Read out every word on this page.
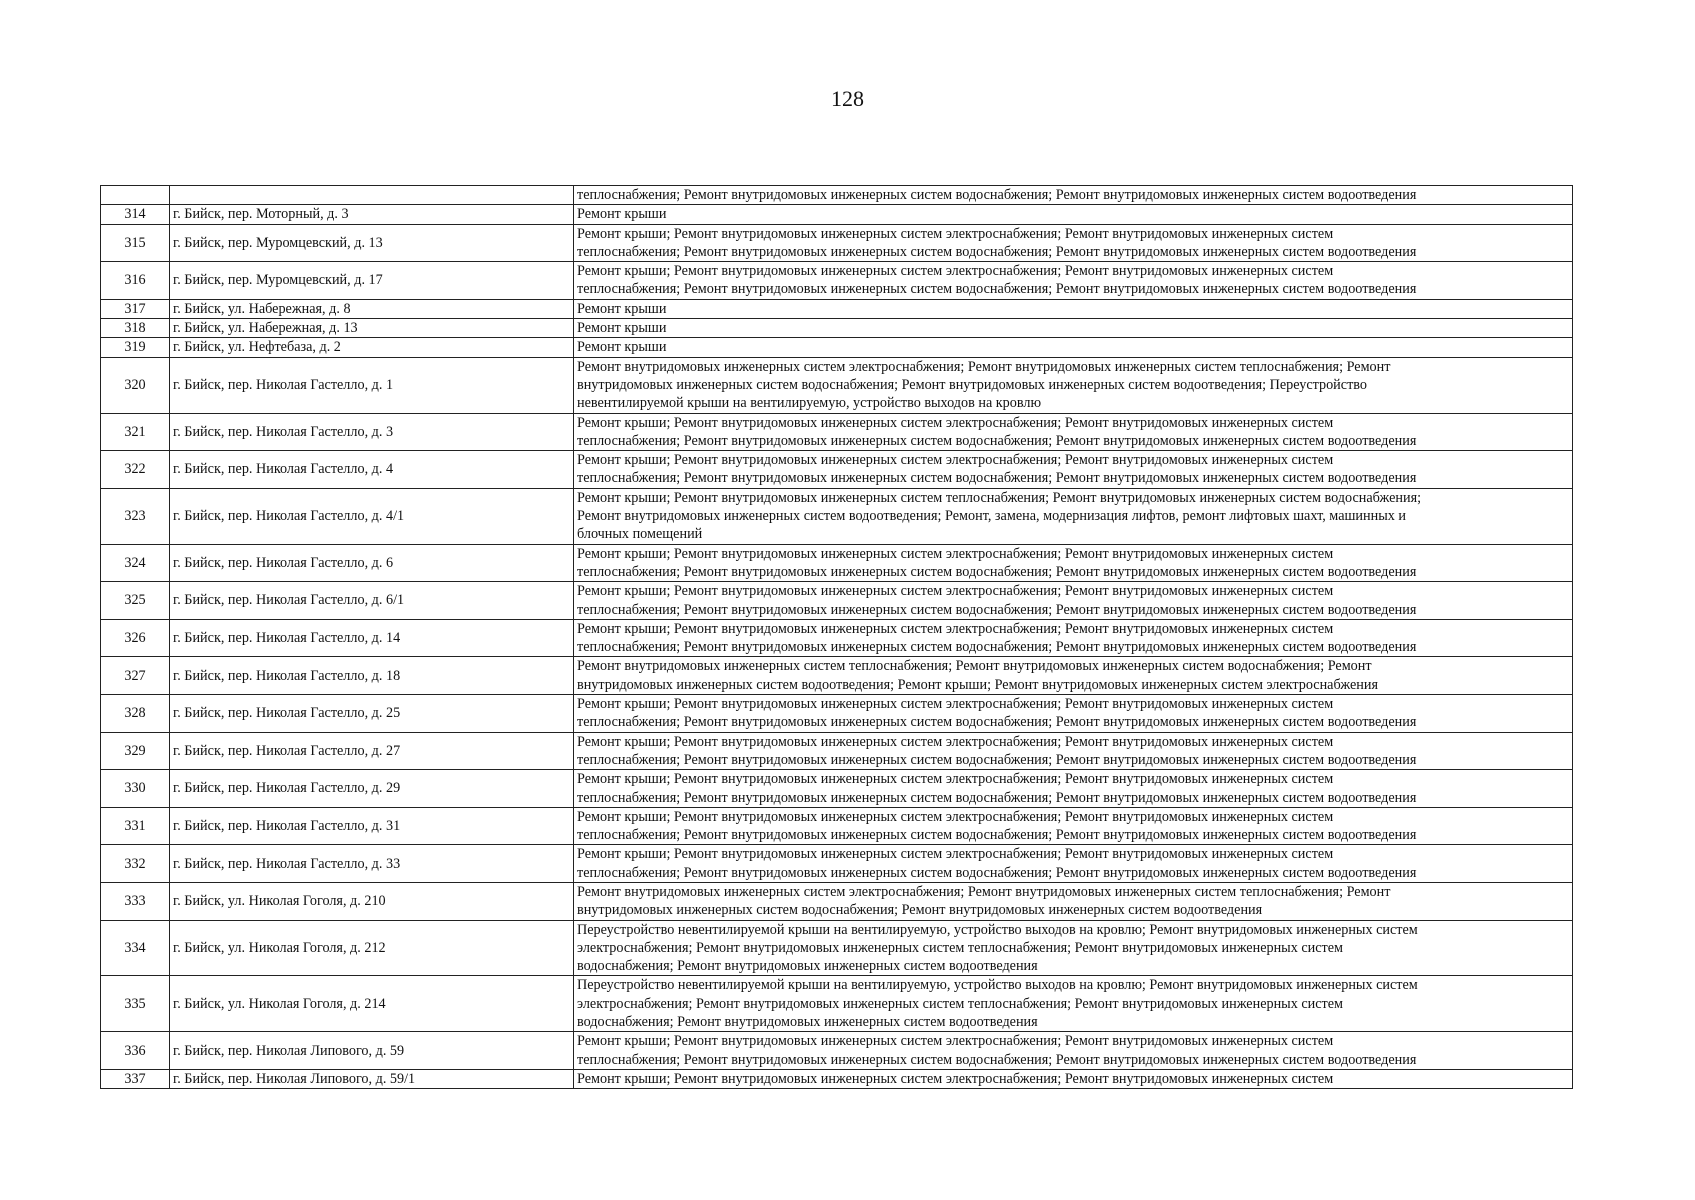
128

		теплоснабжения; Ремонт внутридомовых инженерных систем водоснабжения; Ремонт внутридомовых инженерных систем водоотведения

314	г. Бийск, пер. Моторный, д. 3	Ремонт крыши

315	г. Бийск, пер. Муромцевский, д. 13	Ремонт крыши; Ремонт внутридомовых инженерных систем электроснабжения; Ремонт внутридомовых инженерных систем
теплоснабжения; Ремонт внутридомовых инженерных систем водоснабжения; Ремонт внутридомовых инженерных систем водоотведения

316	г. Бийск, пер. Муромцевский, д. 17	Ремонт крыши; Ремонт внутридомовых инженерных систем электроснабжения; Ремонт внутридомовых инженерных систем
теплоснабжения; Ремонт внутридомовых инженерных систем водоснабжения; Ремонт внутридомовых инженерных систем водоотведения

317	г. Бийск, ул. Набережная, д. 8	Ремонт крыши

318	г. Бийск, ул. Набережная, д. 13	Ремонт крыши

319	г. Бийск, ул. Нефтебаза, д. 2	Ремонт крыши

320	г. Бийск, пер. Николая Гастелло, д. 1	Ремонт внутридомовых инженерных систем электроснабжения; Ремонт внутридомовых инженерных систем теплоснабжения; Ремонт
внутридомовых инженерных систем водоснабжения; Ремонт внутридомовых инженерных систем водоотведения; Переустройство
невентилируемой крыши на вентилируемую, устройство выходов на кровлю

321	г. Бийск, пер. Николая Гастелло, д. 3	Ремонт крыши; Ремонт внутридомовых инженерных систем электроснабжения; Ремонт внутридомовых инженерных систем
теплоснабжения; Ремонт внутридомовых инженерных систем водоснабжения; Ремонт внутридомовых инженерных систем водоотведения

322	г. Бийск, пер. Николая Гастелло, д. 4	Ремонт крыши; Ремонт внутридомовых инженерных систем электроснабжения; Ремонт внутридомовых инженерных систем
теплоснабжения; Ремонт внутридомовых инженерных систем водоснабжения; Ремонт внутридомовых инженерных систем водоотведения

323	г. Бийск, пер. Николая Гастелло, д. 4/1	Ремонт крыши; Ремонт внутридомовых инженерных систем теплоснабжения; Ремонт внутридомовых инженерных систем водоснабжения;
Ремонт внутридомовых инженерных систем водоотведения; Ремонт, замена, модернизация лифтов, ремонт лифтовых шахт, машинных и
блочных помещений

324	г. Бийск, пер. Николая Гастелло, д. 6	Ремонт крыши; Ремонт внутридомовых инженерных систем электроснабжения; Ремонт внутридомовых инженерных систем
теплоснабжения; Ремонт внутридомовых инженерных систем водоснабжения; Ремонт внутридомовых инженерных систем водоотведения

325	г. Бийск, пер. Николая Гастелло, д. 6/1	Ремонт крыши; Ремонт внутридомовых инженерных систем электроснабжения; Ремонт внутридомовых инженерных систем
теплоснабжения; Ремонт внутридомовых инженерных систем водоснабжения; Ремонт внутридомовых инженерных систем водоотведения

326	г. Бийск, пер. Николая Гастелло, д. 14	Ремонт крыши; Ремонт внутридомовых инженерных систем электроснабжения; Ремонт внутридомовых инженерных систем
теплоснабжения; Ремонт внутридомовых инженерных систем водоснабжения; Ремонт внутридомовых инженерных систем водоотведения

327	г. Бийск, пер. Николая Гастелло, д. 18	Ремонт внутридомовых инженерных систем теплоснабжения; Ремонт внутридомовых инженерных систем водоснабжения; Ремонт
внутридомовых инженерных систем водоотведения; Ремонт крыши; Ремонт внутридомовых инженерных систем электроснабжения

328	г. Бийск, пер. Николая Гастелло, д. 25	Ремонт крыши; Ремонт внутридомовых инженерных систем электроснабжения; Ремонт внутридомовых инженерных систем
теплоснабжения; Ремонт внутридомовых инженерных систем водоснабжения; Ремонт внутридомовых инженерных систем водоотведения

329	г. Бийск, пер. Николая Гастелло, д. 27	Ремонт крыши; Ремонт внутридомовых инженерных систем электроснабжения; Ремонт внутридомовых инженерных систем
теплоснабжения; Ремонт внутридомовых инженерных систем водоснабжения; Ремонт внутридомовых инженерных систем водоотведения

330	г. Бийск, пер. Николая Гастелло, д. 29	Ремонт крыши; Ремонт внутридомовых инженерных систем электроснабжения; Ремонт внутридомовых инженерных систем
теплоснабжения; Ремонт внутридомовых инженерных систем водоснабжения; Ремонт внутридомовых инженерных систем водоотведения

331	г. Бийск, пер. Николая Гастелло, д. 31	Ремонт крыши; Ремонт внутридомовых инженерных систем электроснабжения; Ремонт внутридомовых инженерных систем
теплоснабжения; Ремонт внутридомовых инженерных систем водоснабжения; Ремонт внутридомовых инженерных систем водоотведения

332	г. Бийск, пер. Николая Гастелло, д. 33	Ремонт крыши; Ремонт внутридомовых инженерных систем электроснабжения; Ремонт внутридомовых инженерных систем
теплоснабжения; Ремонт внутридомовых инженерных систем водоснабжения; Ремонт внутридомовых инженерных систем водоотведения

333	г. Бийск, ул. Николая Гоголя, д. 210	Ремонт внутридомовых инженерных систем электроснабжения; Ремонт внутридомовых инженерных систем теплоснабжения; Ремонт
внутридомовых инженерных систем водоснабжения; Ремонт внутридомовых инженерных систем водоотведения

334	г. Бийск, ул. Николая Гоголя, д. 212	Переустройство невентилируемой крыши на вентилируемую, устройство выходов на кровлю; Ремонт внутридомовых инженерных систем
электроснабжения; Ремонт внутридомовых инженерных систем теплоснабжения; Ремонт внутридомовых инженерных систем
водоснабжения; Ремонт внутридомовых инженерных систем водоотведения

335	г. Бийск, ул. Николая Гоголя, д. 214	Переустройство невентилируемой крыши на вентилируемую, устройство выходов на кровлю; Ремонт внутридомовых инженерных систем
электроснабжения; Ремонт внутридомовых инженерных систем теплоснабжения; Ремонт внутридомовых инженерных систем
водоснабжения; Ремонт внутридомовых инженерных систем водоотведения

336	г. Бийск, пер. Николая Липового, д. 59	Ремонт крыши; Ремонт внутридомовых инженерных систем электроснабжения; Ремонт внутридомовых инженерных систем
теплоснабжения; Ремонт внутридомовых инженерных систем водоснабжения; Ремонт внутридомовых инженерных систем водоотведения

337	г. Бийск, пер. Николая Липового, д. 59/1	Ремонт крыши; Ремонт внутридомовых инженерных систем электроснабжения; Ремонт внутридомовых инженерных систем
